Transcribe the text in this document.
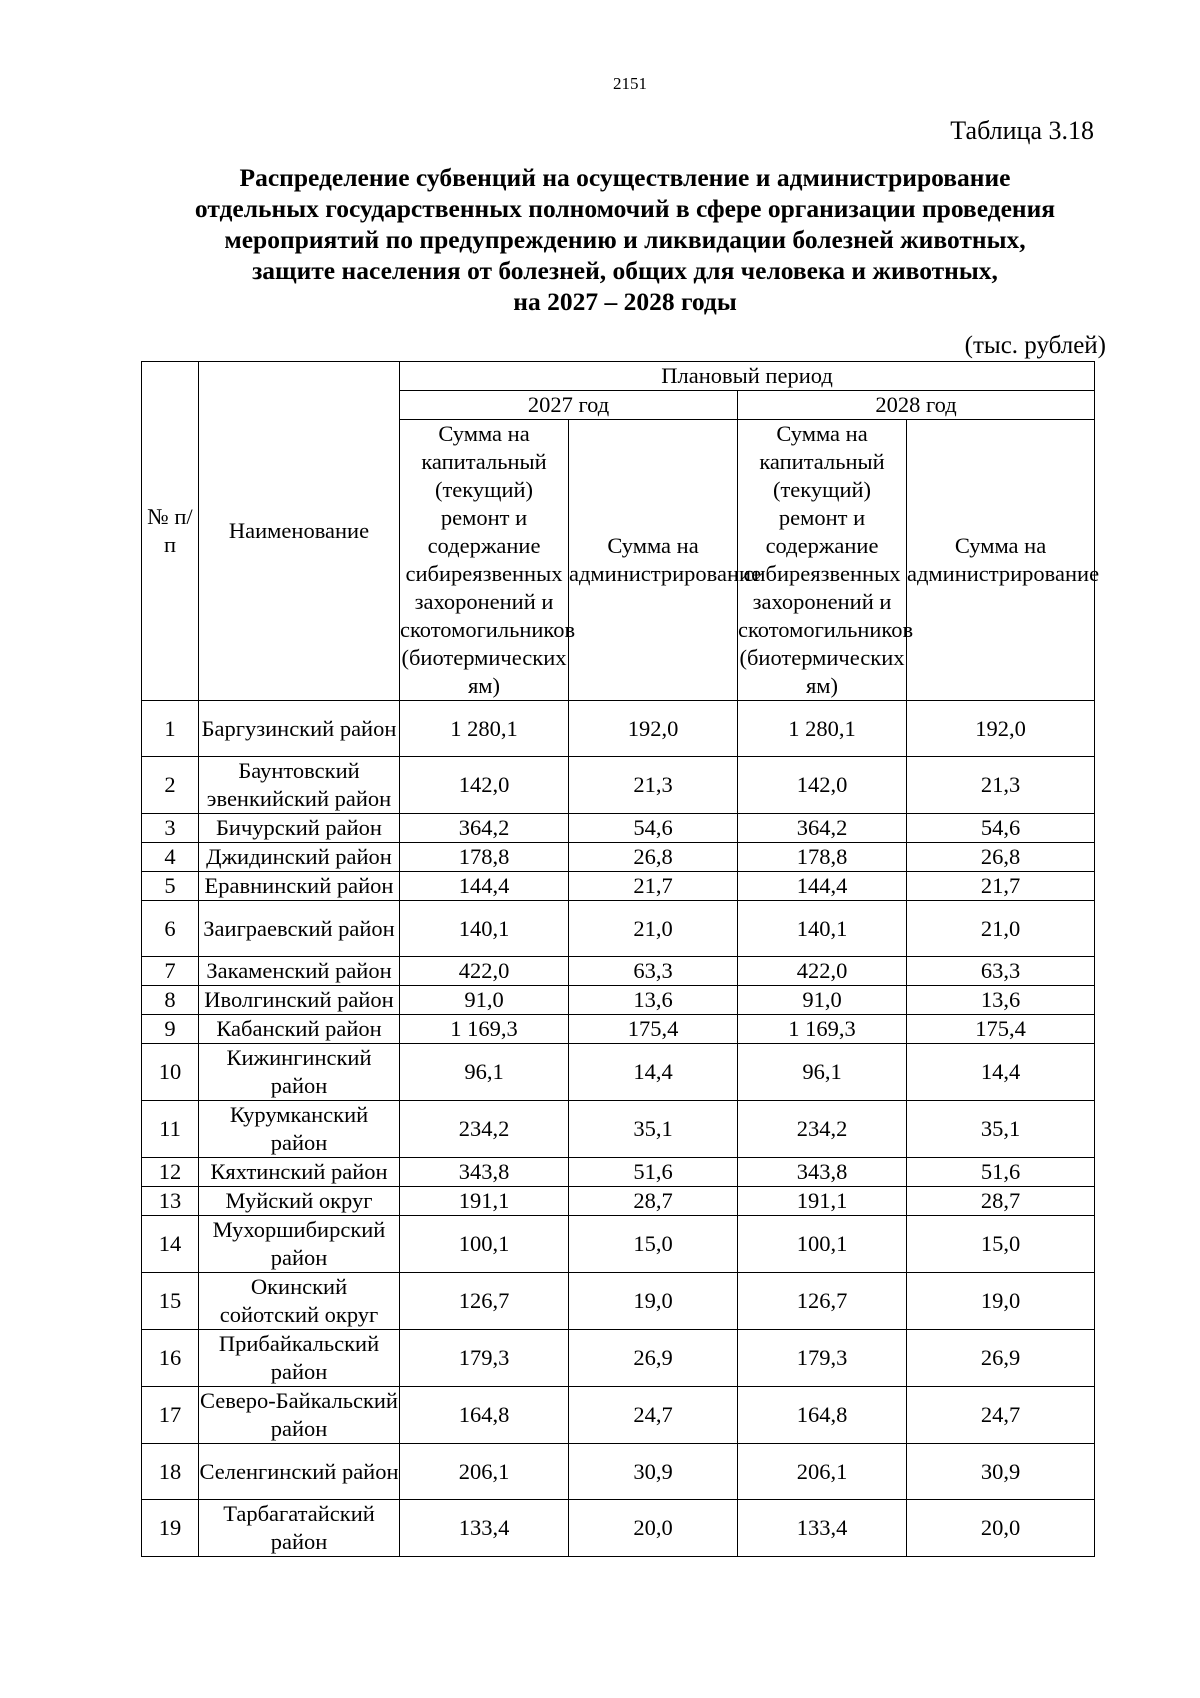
2151
Таблица 3.18
Распределение субвенций на осуществление и администрирование
отдельных государственных полномочий в сфере организации проведения
мероприятий по предупреждению и ликвидации болезней животных,
защите населения от болезней, общих для человека и животных,
на 2027 – 2028 годы
(тыс. рублей)
№ п/п	Наименование	Плановый период			
		2027 год		2028 год	
		Сумма на капитальный (текущий) ремонт и содержание сибиреязвенных захоронений и скотомогильников (биотермических ям)	Сумма на администрирование	Сумма на капитальный (текущий) ремонт и содержание сибиреязвенных захоронений и скотомогильников (биотермических ям)	Сумма на администрирование
1	Баргузинский район	1 280,1	192,0	1 280,1	192,0
2	Баунтовский эвенкийский район	142,0	21,3	142,0	21,3
3	Бичурский район	364,2	54,6	364,2	54,6
4	Джидинский район	178,8	26,8	178,8	26,8
5	Еравнинский район	144,4	21,7	144,4	21,7
6	Заиграевский район	140,1	21,0	140,1	21,0
7	Закаменский район	422,0	63,3	422,0	63,3
8	Иволгинский район	91,0	13,6	91,0	13,6
9	Кабанский район	1 169,3	175,4	1 169,3	175,4
10	Кижингинский район	96,1	14,4	96,1	14,4
11	Курумканский район	234,2	35,1	234,2	35,1
12	Кяхтинский район	343,8	51,6	343,8	51,6
13	Муйский округ	191,1	28,7	191,1	28,7
14	Мухоршибирский район	100,1	15,0	100,1	15,0
15	Окинский сойотский округ	126,7	19,0	126,7	19,0
16	Прибайкальский район	179,3	26,9	179,3	26,9
17	Северо-Байкальский район	164,8	24,7	164,8	24,7
18	Селенгинский район	206,1	30,9	206,1	30,9
19	Тарбагатайский район	133,4	20,0	133,4	20,0
